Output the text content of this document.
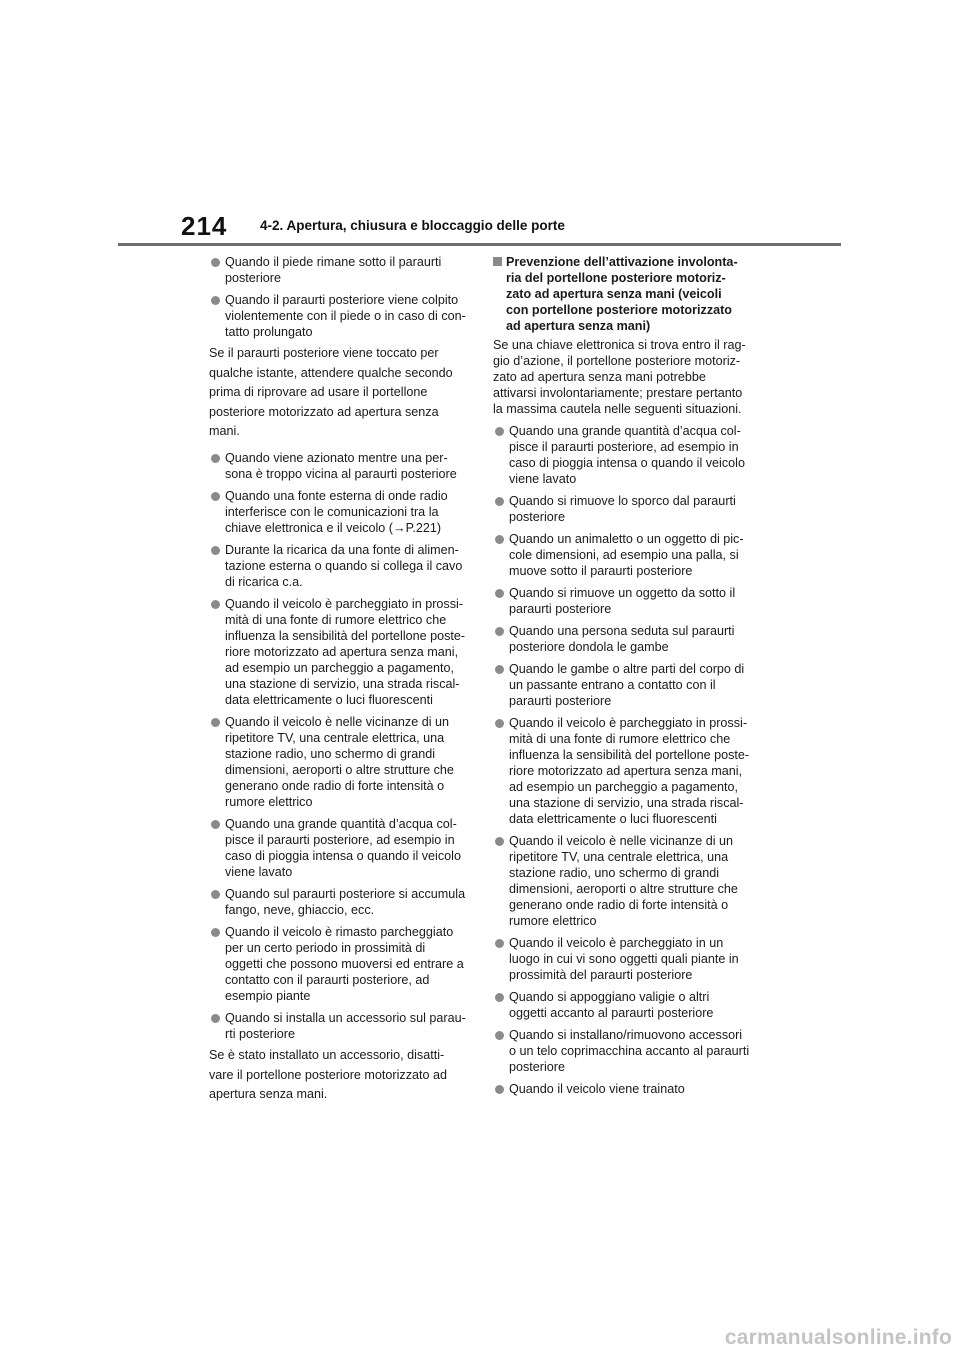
214 4-2. Apertura, chiusura e bloccaggio delle porte
Quando il piede rimane sotto il paraurti
posteriore
Quando il paraurti posteriore viene colpito
violentemente con il piede o in caso di con-
tatto prolungato
Se il paraurti posteriore viene toccato per
qualche istante, attendere qualche secondo
prima di riprovare ad usare il portellone
posteriore motorizzato ad apertura senza
mani.
Quando viene azionato mentre una per-
sona è troppo vicina al paraurti posteriore
Quando una fonte esterna di onde radio
interferisce con le comunicazioni tra la
chiave elettronica e il veicolo (→P.221)
Durante la ricarica da una fonte di alimen-
tazione esterna o quando si collega il cavo
di ricarica c.a.
Quando il veicolo è parcheggiato in prossi-
mità di una fonte di rumore elettrico che
influenza la sensibilità del portellone poste-
riore motorizzato ad apertura senza mani,
ad esempio un parcheggio a pagamento,
una stazione di servizio, una strada riscal-
data elettricamente o luci fluorescenti
Quando il veicolo è nelle vicinanze di un
ripetitore TV, una centrale elettrica, una
stazione radio, uno schermo di grandi
dimensioni, aeroporti o altre strutture che
generano onde radio di forte intensità o
rumore elettrico
Quando una grande quantità d’acqua col-
pisce il paraurti posteriore, ad esempio in
caso di pioggia intensa o quando il veicolo
viene lavato
Quando sul paraurti posteriore si accumula
fango, neve, ghiaccio, ecc.
Quando il veicolo è rimasto parcheggiato
per un certo periodo in prossimità di
oggetti che possono muoversi ed entrare a
contatto con il paraurti posteriore, ad
esempio piante
Quando si installa un accessorio sul parau-
rti posteriore
Se è stato installato un accessorio, disatti-
vare il portellone posteriore motorizzato ad
apertura senza mani.
Prevenzione dell’attivazione involonta-
ria del portellone posteriore motoriz-
zato ad apertura senza mani (veicoli
con portellone posteriore motorizzato
ad apertura senza mani)
Se una chiave elettronica si trova entro il rag-
gio d’azione, il portellone posteriore motoriz-
zato ad apertura senza mani potrebbe
attivarsi involontariamente; prestare pertanto
la massima cautela nelle seguenti situazioni.
Quando una grande quantità d’acqua col-
pisce il paraurti posteriore, ad esempio in
caso di pioggia intensa o quando il veicolo
viene lavato
Quando si rimuove lo sporco dal paraurti
posteriore
Quando un animaletto o un oggetto di pic-
cole dimensioni, ad esempio una palla, si
muove sotto il paraurti posteriore
Quando si rimuove un oggetto da sotto il
paraurti posteriore
Quando una persona seduta sul paraurti
posteriore dondola le gambe
Quando le gambe o altre parti del corpo di
un passante entrano a contatto con il
paraurti posteriore
Quando il veicolo è parcheggiato in prossi-
mità di una fonte di rumore elettrico che
influenza la sensibilità del portellone poste-
riore motorizzato ad apertura senza mani,
ad esempio un parcheggio a pagamento,
una stazione di servizio, una strada riscal-
data elettricamente o luci fluorescenti
Quando il veicolo è nelle vicinanze di un
ripetitore TV, una centrale elettrica, una
stazione radio, uno schermo di grandi
dimensioni, aeroporti o altre strutture che
generano onde radio di forte intensità o
rumore elettrico
Quando il veicolo è parcheggiato in un
luogo in cui vi sono oggetti quali piante in
prossimità del paraurti posteriore
Quando si appoggiano valigie o altri
oggetti accanto al paraurti posteriore
Quando si installano/rimuovono accessori
o un telo coprimacchina accanto al paraurti
posteriore
Quando il veicolo viene trainato
carmanualsonline.info
